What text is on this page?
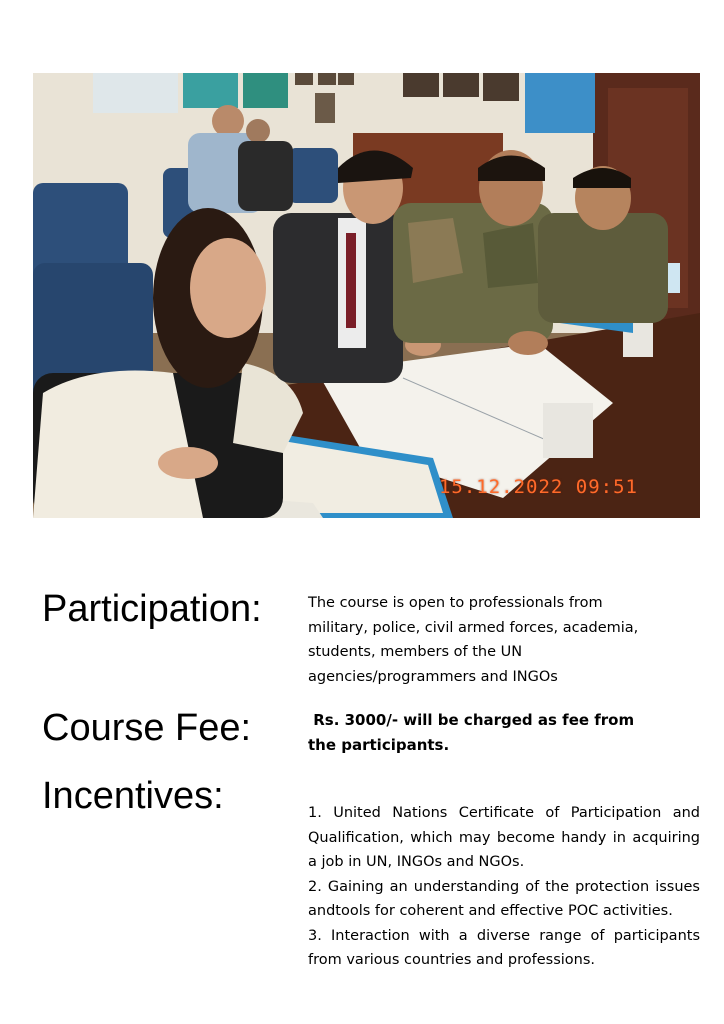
15.12.2022 09:51
Participation:	The course is open to professionals from

military, police, civil armed forces, academia,

students, members of the UN

agencies/programmers and INGOs

Course Fee:	Rs. 3000/- will be charged as fee from
the participants.
Incentives:	1. United Nations Certificate of Participation and Qualification, which may become handy in acquiring a job in UN, INGOs and NGOs.

2. Gaining an understanding of the protection issues andtools for coherent and effective POC activities.

3. Interaction with a diverse range of participants from various countries and professions.
